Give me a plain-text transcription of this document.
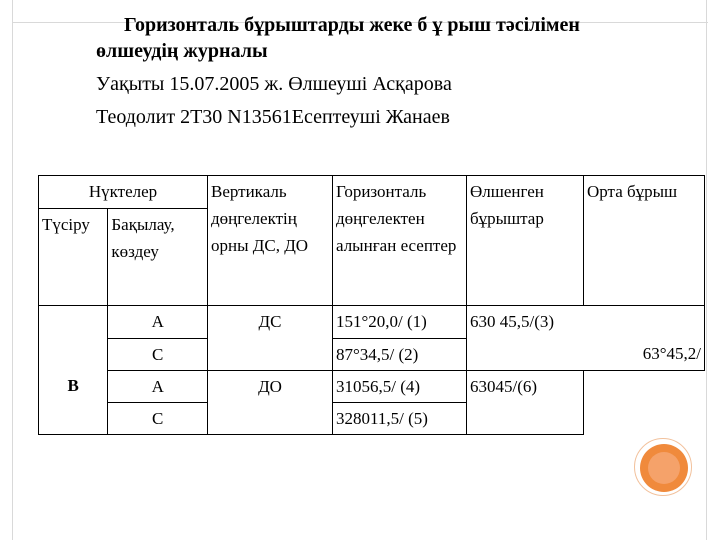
Горизонталь бұрыштарды жеке б ұ рыш тәсілімен

өлшеудің журналы

Уақыты 15.07.2005 ж. Өлшеуші Асқарова

Теодолит 2Т30 N13561Есептеуші Жанаев

Нүктелер		Вертикаль дөңгелектің орны ДС, ДО	Горизонталь дөңгелектен алынған есептер	Өлшенген бұрыштар	Орта бұрыш
Түсіру	Бақылау, көздеу				
	А	ДС	151°20,0/ (1)	630 45,5/(3)	
	С		87°34,5/ (2)	63°45,2/	
В	А	ДО	31056,5/ (4)	63045/(6)	
	С		328011,5/ (5)		
